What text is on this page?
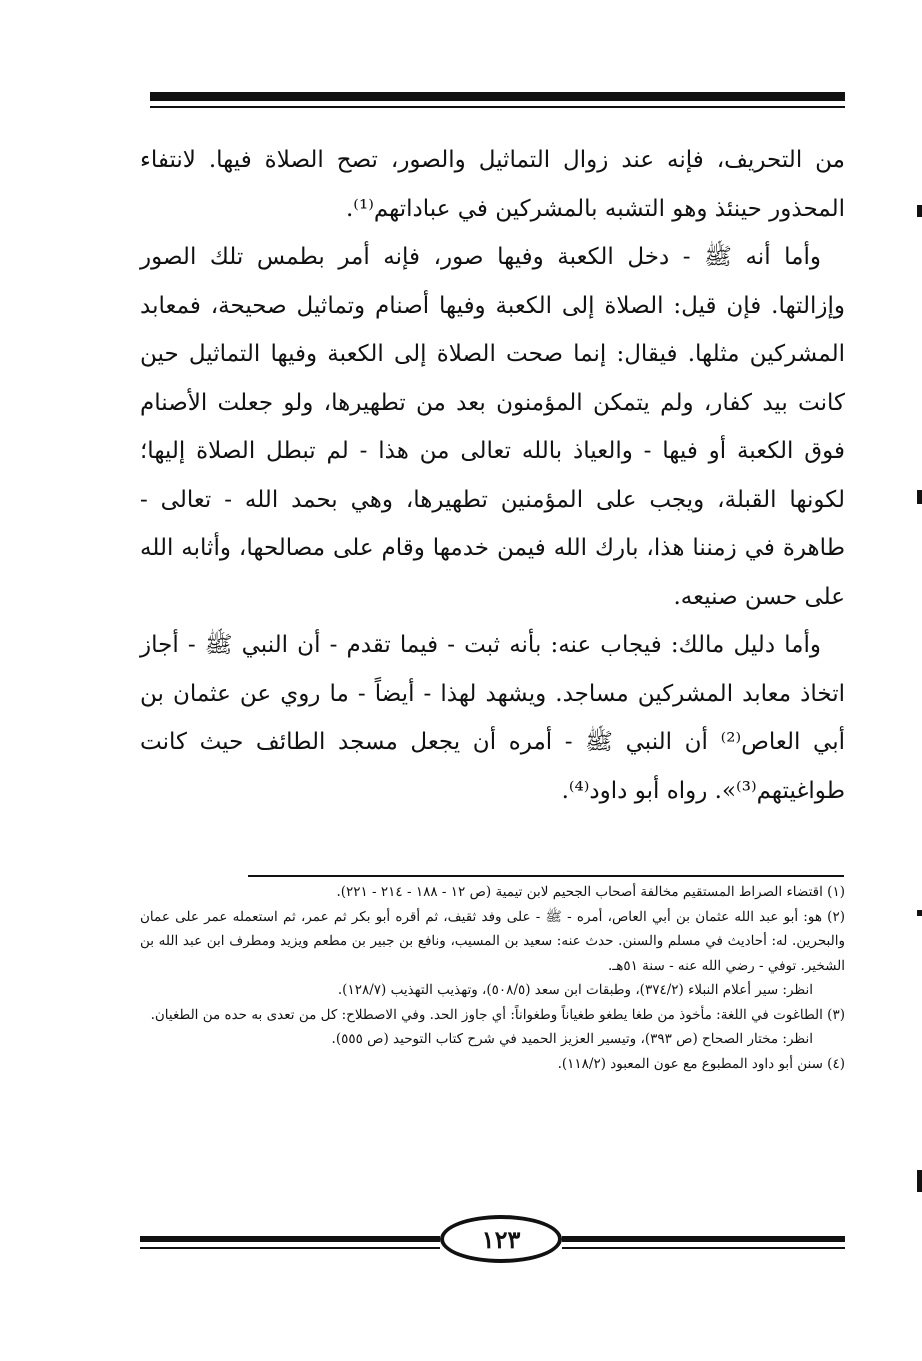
من التحريف، فإنه عند زوال التماثيل والصور، تصح الصلاة فيها. لانتفاء المحذور حينئذ وهو التشبه بالمشركين في عباداتهم⁽¹⁾.

وأما أنه ﷺ - دخل الكعبة وفيها صور، فإنه أمر بطمس تلك الصور وإزالتها. فإن قيل: الصلاة إلى الكعبة وفيها أصنام وتماثيل صحيحة، فمعابد المشركين مثلها. فيقال: إنما صحت الصلاة إلى الكعبة وفيها التماثيل حين كانت بيد كفار، ولم يتمكن المؤمنون بعد من تطهيرها، ولو جعلت الأصنام فوق الكعبة أو فيها - والعياذ بالله تعالى من هذا - لم تبطل الصلاة إليها؛ لكونها القبلة، ويجب على المؤمنين تطهيرها، وهي بحمد الله - تعالى - طاهرة في زمننا هذا، بارك الله فيمن خدمها وقام على مصالحها، وأثابه الله على حسن صنيعه.

وأما دليل مالك: فيجاب عنه: بأنه ثبت - فيما تقدم - أن النبي ﷺ - أجاز اتخاذ معابد المشركين مساجد. ويشهد لهذا - أيضاً - ما روي عن عثمان بن أبي العاص⁽²⁾ أن النبي ﷺ - أمره أن يجعل مسجد الطائف حيث كانت طواغيتهم⁽³⁾». رواه أبو داود⁽⁴⁾.

(١) اقتضاء الصراط المستقيم مخالفة أصحاب الجحيم لابن تيمية (ص ١٢ - ١٨٨ - ٢١٤ - ٢٢١).

(٢) هو: أبو عبد الله عثمان بن أبي العاص، أمره - ﷺ - على وفد ثقيف، ثم أقره أبو بكر ثم عمر، ثم استعمله عمر على عمان والبحرين. له: أحاديث في مسلم والسنن. حدث عنه: سعيد بن المسيب، ونافع بن جبير بن مطعم ويزيد ومطرف ابن عبد الله بن الشخير. توفي - رضي الله عنه - سنة ٥١هـ.

انظر: سير أعلام النبلاء (٣٧٤/٢)، وطبقات ابن سعد (٥٠٨/٥)، وتهذيب التهذيب (١٢٨/٧).

(٣) الطاغوت في اللغة: مأخوذ من طغا يطغو طغياناً وطغواناً: أي جاوز الحد. وفي الاصطلاح: كل من تعدى به حده من الطغيان.

انظر: مختار الصحاح (ص ٣٩٣)، وتيسير العزيز الحميد في شرح كتاب التوحيد (ص ٥٥٥).

(٤) سنن أبو داود المطبوع مع عون المعبود (١١٨/٢).

١٢٣
